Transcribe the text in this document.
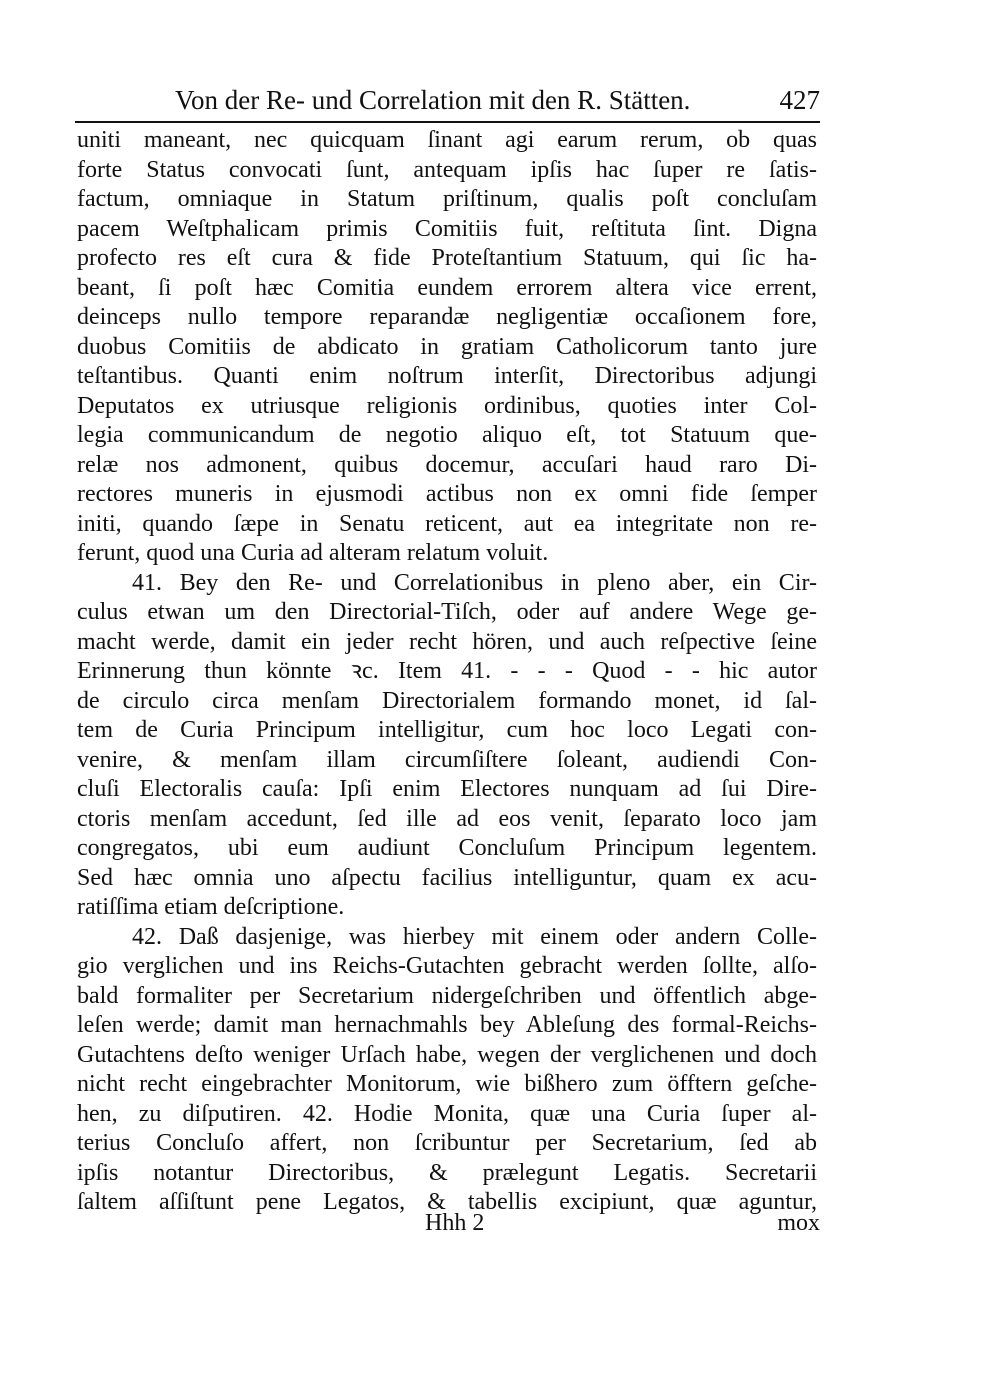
Von der Re- und Correlation mit den R. Stätten.	427
uniti maneant, nec quicquam ſinant agi earum rerum, ob quas
forte Status convocati ſunt, antequam ipſis hac ſuper re ſatis-
factum, omniaque in Statum priſtinum, qualis poſt concluſam
pacem Weſtphalicam primis Comitiis fuit, reſtituta ſint. Digna
profecto res eſt cura & fide Proteſtantium Statuum, qui ſic ha-
beant, ſi poſt hæc Comitia eundem errorem altera vice errent,
deinceps nullo tempore reparandæ negligentiæ occaſionem fore,
duobus Comitiis de abdicato in gratiam Catholicorum tanto jure
teſtantibus. Quanti enim noſtrum interſit, Directoribus adjungi
Deputatos ex utriusque religionis ordinibus, quoties inter Col-
legia communicandum de negotio aliquo eſt, tot Statuum que-
relæ nos admonent, quibus docemur, accuſari haud raro Di-
rectores muneris in ejusmodi actibus non ex omni fide ſemper
initi, quando ſæpe in Senatu reticent, aut ea integritate non re-
ferunt, quod una Curia ad alteram relatum voluit.
41. Bey den Re- und Correlationibus in pleno aber, ein Cir-
culus etwan um den Directorial-Tiſch, oder auf andere Wege ge-
macht werde, damit ein jeder recht hören, und auch reſpective ſeine
Erinnerung thun könnte ꝛc. Item 41. - - - Quod - - hic autor
de circulo circa menſam Directorialem formando monet, id ſal-
tem de Curia Principum intelligitur, cum hoc loco Legati con-
venire, & menſam illam circumſiſtere ſoleant, audiendi Con-
cluſi Electoralis cauſa: Ipſi enim Electores nunquam ad ſui Dire-
ctoris menſam accedunt, ſed ille ad eos venit, ſeparato loco jam
congregatos, ubi eum audiunt Concluſum Principum legentem.
Sed hæc omnia uno aſpectu facilius intelliguntur, quam ex acu-
ratiſſima etiam deſcriptione.
42. Daß dasjenige, was hierbey mit einem oder andern Colle-
gio verglichen und ins Reichs-Gutachten gebracht werden ſollte, alſo-
bald formaliter per Secretarium nidergeſchriben und öffentlich abge-
leſen werde; damit man hernachmahls bey Ableſung des formal-Reichs-
Gutachtens deſto weniger Urſach habe, wegen der verglichenen und doch
nicht recht eingebrachter Monitorum, wie bißhero zum öfftern geſche-
hen, zu diſputiren. 42. Hodie Monita, quæ una Curia ſuper al-
terius Concluſo affert, non ſcribuntur per Secretarium, ſed ab
ipſis notantur Directoribus, & prælegunt Legatis. Secretarii
ſaltem aſſiſtunt pene Legatos, & tabellis excipiunt, quæ aguntur,
Hhh 2	mox
